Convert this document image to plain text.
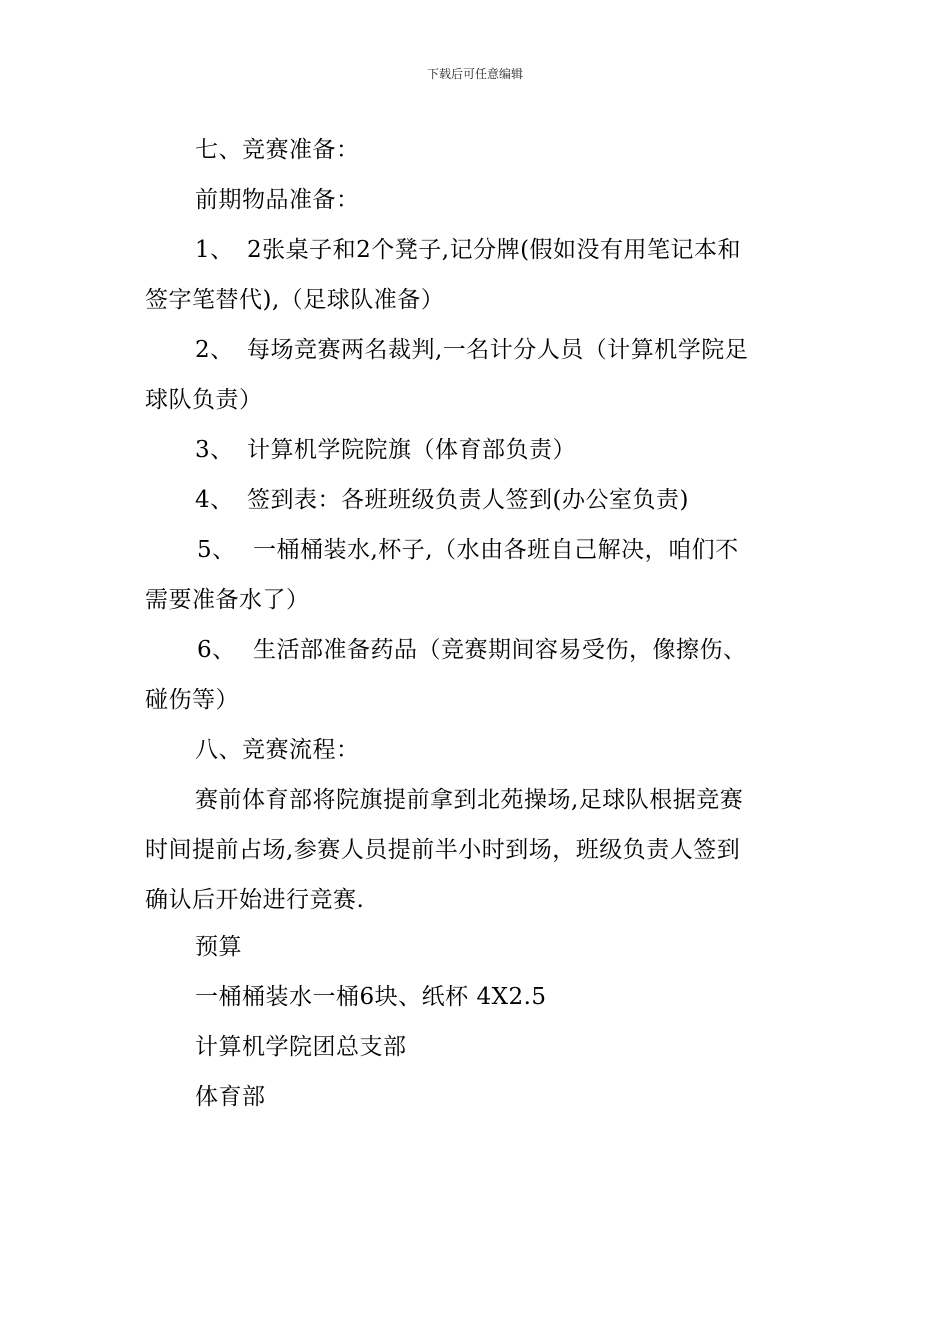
下载后可任意编辑
七、竞赛准备：
前期物品准备：
1、 2张桌子和2个凳子,记分牌(假如没有用笔记本和
签字笔替代),（足球队准备）
2、 每场竞赛两名裁判,一名计分人员（计算机学院足
球队负责）
3、 计算机学院院旗（体育部负责）
4、 签到表：各班班级负责人签到(办公室负责)
5、 一桶桶装水,杯子,（水由各班自己解决，咱们不
需要准备水了）
6、 生活部准备药品（竞赛期间容易受伤，像擦伤、
碰伤等）
八、竞赛流程：
赛前体育部将院旗提前拿到北苑操场,足球队根据竞赛
时间提前占场,参赛人员提前半小时到场，班级负责人签到
确认后开始进行竞赛.
预算
一桶桶装水一桶6块、纸杯 4X2.5
计算机学院团总支部
体育部
